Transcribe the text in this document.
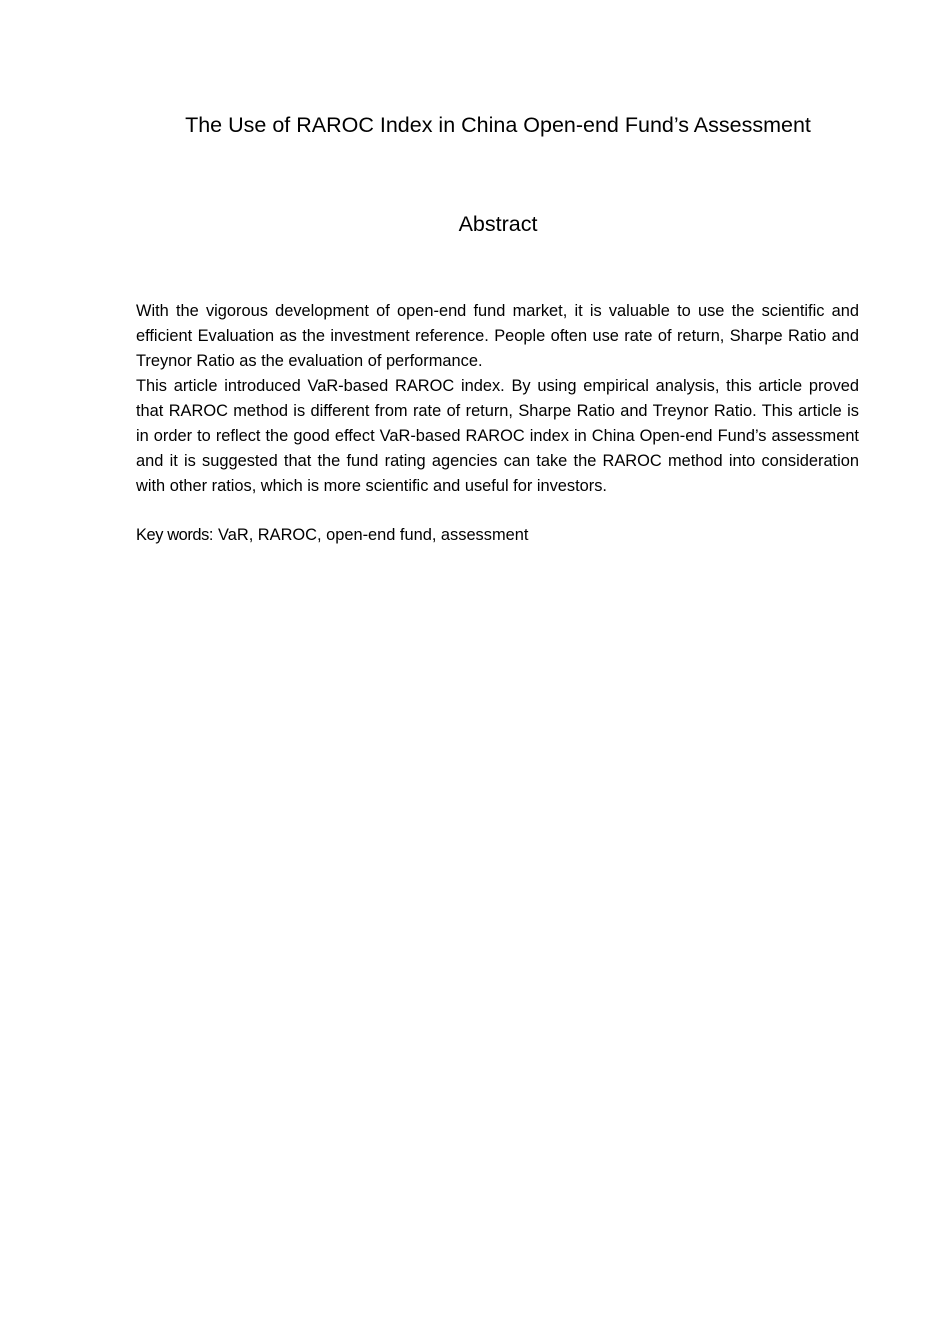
The Use of RAROC Index in China Open-end Fund’s Assessment
Abstract

With the vigorous development of open-end fund market, it is valuable to use the scientific and efficient Evaluation as the investment reference. People often use rate of return, Sharpe Ratio and Treynor Ratio as the evaluation of performance.

This article introduced VaR-based RAROC index. By using empirical analysis, this article proved that RAROC method is different from rate of return, Sharpe Ratio and Treynor Ratio. This article is in order to reflect the good effect VaR-based RAROC index in China Open-end Fund’s assessment and it is suggested that the fund rating agencies can take the RAROC method into consideration with other ratios, which is more scientific and useful for investors.

Key words: VaR, RAROC, open-end fund, assessment
